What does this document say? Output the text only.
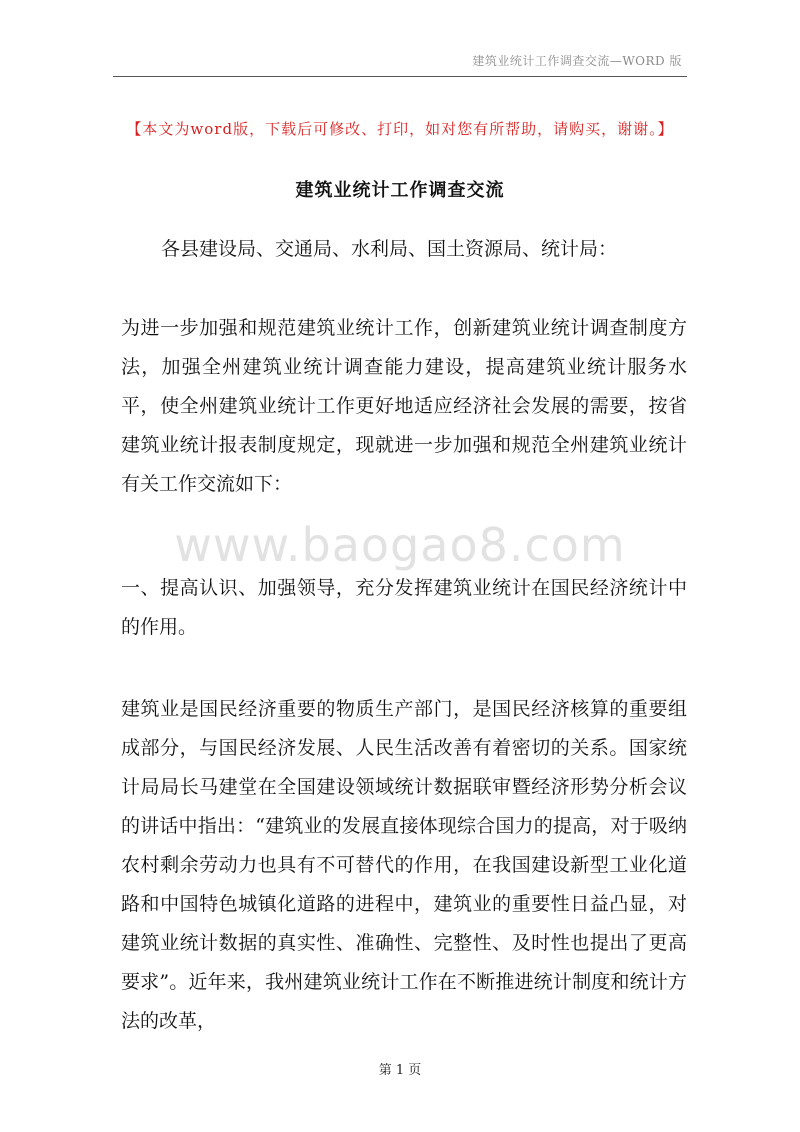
建筑业统计工作调查交流—WORD 版
【本文为word版，下载后可修改、打印，如对您有所帮助，请购买，谢谢。】
建筑业统计工作调查交流

各县建设局、交通局、水利局、国土资源局、统计局：

为进一步加强和规范建筑业统计工作，创新建筑业统计调查制度方法，加强全州建筑业统计调查能力建设，提高建筑业统计服务水平，使全州建筑业统计工作更好地适应经济社会发展的需要，按省建筑业统计报表制度规定，现就进一步加强和规范全州建筑业统计有关工作交流如下：

www.baogao8.com

一、提高认识、加强领导，充分发挥建筑业统计在国民经济统计中的作用。

建筑业是国民经济重要的物质生产部门，是国民经济核算的重要组成部分，与国民经济发展、人民生活改善有着密切的关系。国家统计局局长马建堂在全国建设领域统计数据联审暨经济形势分析会议的讲话中指出：“建筑业的发展直接体现综合国力的提高，对于吸纳农村剩余劳动力也具有不可替代的作用，在我国建设新型工业化道路和中国特色城镇化道路的进程中，建筑业的重要性日益凸显，对建筑业统计数据的真实性、准确性、完整性、及时性也提出了更高要求”。近年来，我州建筑业统计工作在不断推进统计制度和统计方法的改革，

第 1 页
